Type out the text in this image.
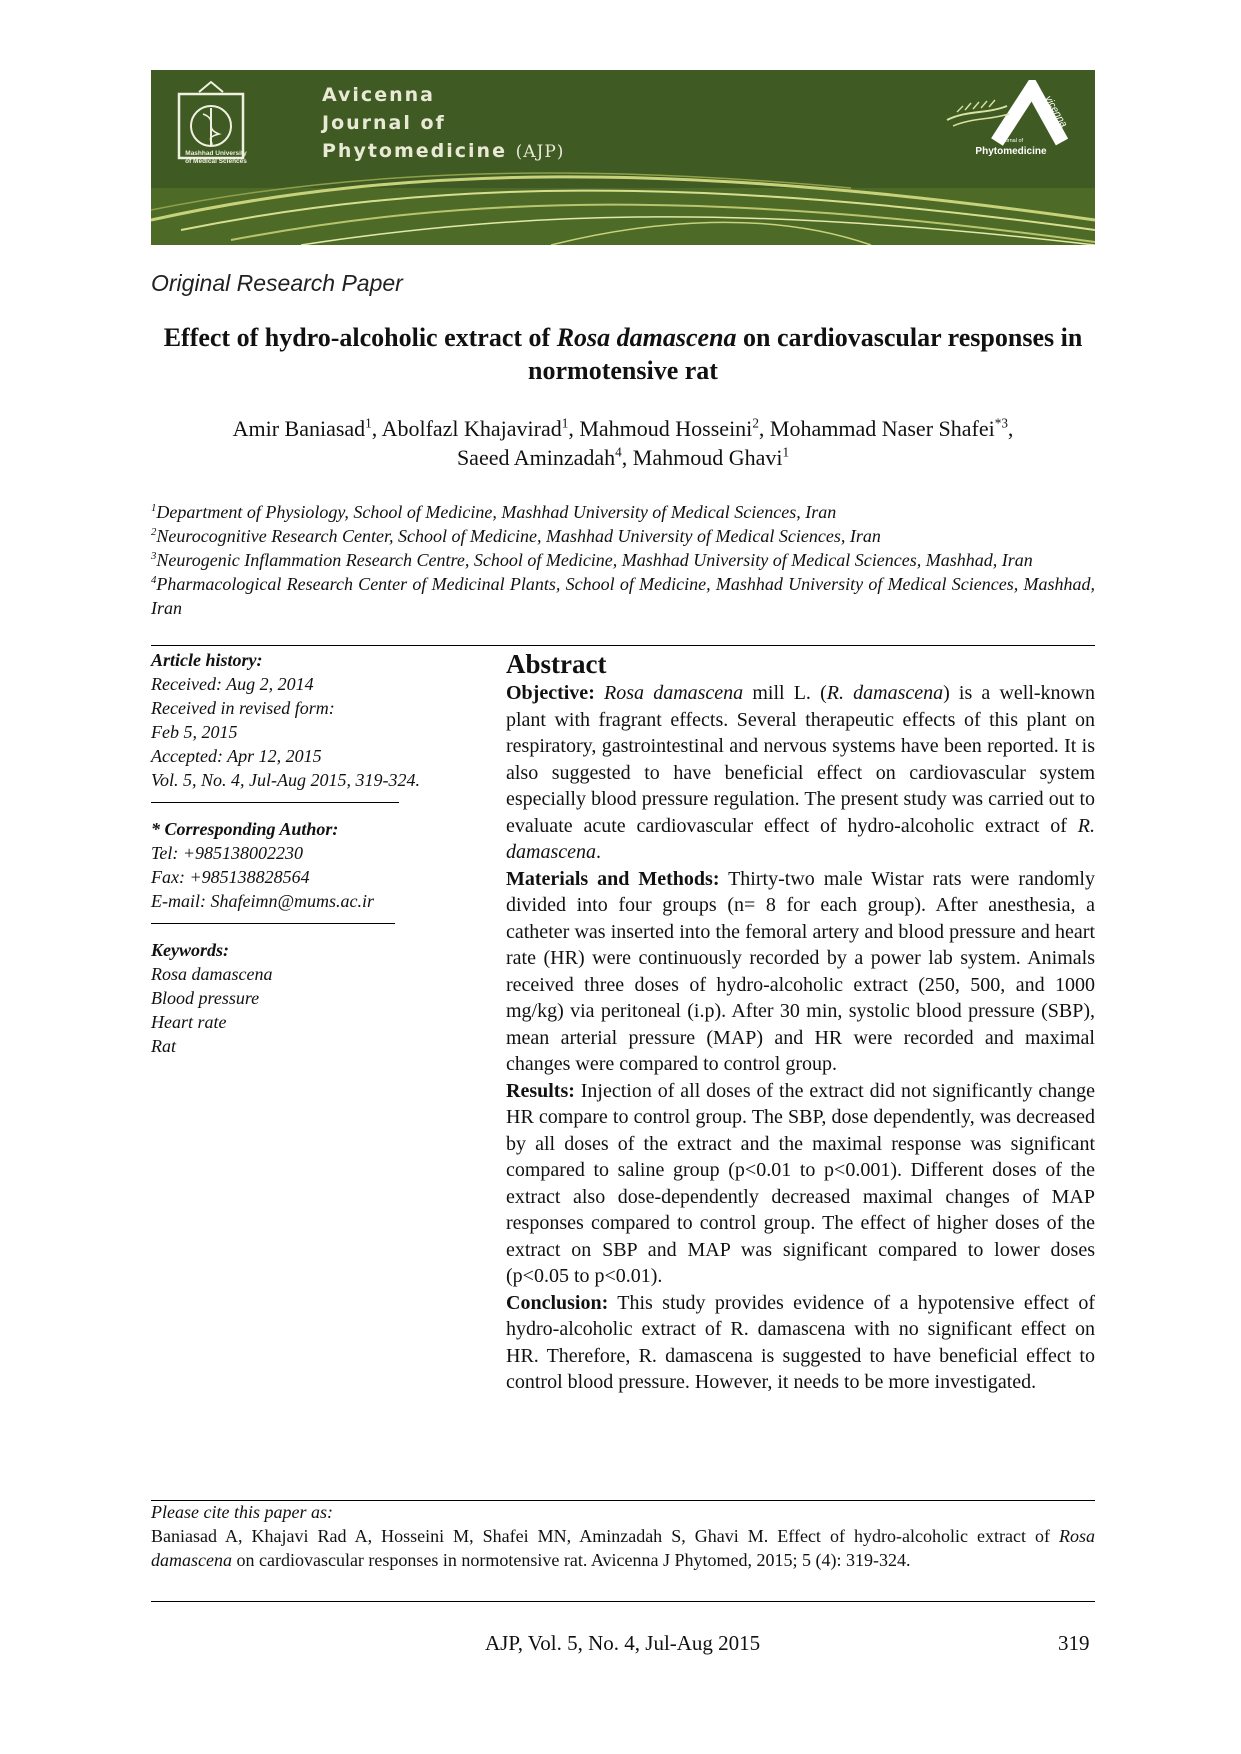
Mashhad University
of Medical Sciences
Avicenna
Journal of
Phytomedicine (AJP)
vicenna
Journal of
Phytomedicine
Original Research Paper
Effect of hydro-alcoholic extract of Rosa damascena on cardiovascular responses in normotensive rat
Amir Baniasad$^1$, Abolfazl Khajavirad$^1$, Mahmoud Hosseini$^2$, Mohammad Naser Shafei$^{*3}$,
Saeed Aminzadah$^4$, Mahmoud Ghavi$^1$
$^1$Department of Physiology, School of Medicine, Mashhad University of Medical Sciences, Iran
$^2$Neurocognitive Research Center, School of Medicine, Mashhad University of Medical Sciences, Iran
$^3$Neurogenic Inflammation Research Centre, School of Medicine, Mashhad University of Medical Sciences, Mashhad, Iran
$^4$Pharmacological Research Center of Medicinal Plants, School of Medicine, Mashhad University of Medical Sciences, Mashhad, Iran
Article history:
Received: Aug 2, 2014
Received in revised form:
Feb 5, 2015
Accepted: Apr 12, 2015
Vol. 5, No. 4, Jul-Aug 2015, 319-324.
* Corresponding Author:
Tel: +985138002230
Fax: +985138828564
E-mail: Shafeimn@mums.ac.ir
Keywords:
Rosa damascena
Blood pressure
Heart rate
Rat
Abstract

Objective: Rosa damascena mill L. (R. damascena) is a well-known plant with fragrant effects. Several therapeutic effects of this plant on respiratory, gastrointestinal and nervous systems have been reported. It is also suggested to have beneficial effect on cardiovascular system especially blood pressure regulation. The present study was carried out to evaluate acute cardiovascular effect of hydro-alcoholic extract of R. damascena.

Materials and Methods: Thirty-two male Wistar rats were randomly divided into four groups (n= 8 for each group). After anesthesia, a catheter was inserted into the femoral artery and blood pressure and heart rate (HR) were continuously recorded by a power lab system. Animals received three doses of hydro-alcoholic extract (250, 500, and 1000 mg/kg) via peritoneal (i.p). After 30 min, systolic blood pressure (SBP), mean arterial pressure (MAP) and HR were recorded and maximal changes were compared to control group.

Results: Injection of all doses of the extract did not significantly change HR compare to control group. The SBP, dose dependently, was decreased by all doses of the extract and the maximal response was significant compared to saline group (p<0.01 to p<0.001). Different doses of the extract also dose-dependently decreased maximal changes of MAP responses compared to control group. The effect of higher doses of the extract on SBP and MAP was significant compared to lower doses (p<0.05 to p<0.01).

Conclusion: This study provides evidence of a hypotensive effect of hydro-alcoholic extract of R. damascena with no significant effect on HR. Therefore, R. damascena is suggested to have beneficial effect to control blood pressure. However, it needs to be more investigated.

Please cite this paper as:
Baniasad A, Khajavi Rad A, Hosseini M, Shafei MN, Aminzadah S, Ghavi M. Effect of hydro-alcoholic extract of Rosa damascena on cardiovascular responses in normotensive rat. Avicenna J Phytomed, 2015; 5 (4): 319-324.
AJP, Vol. 5, No. 4, Jul-Aug 2015	319
